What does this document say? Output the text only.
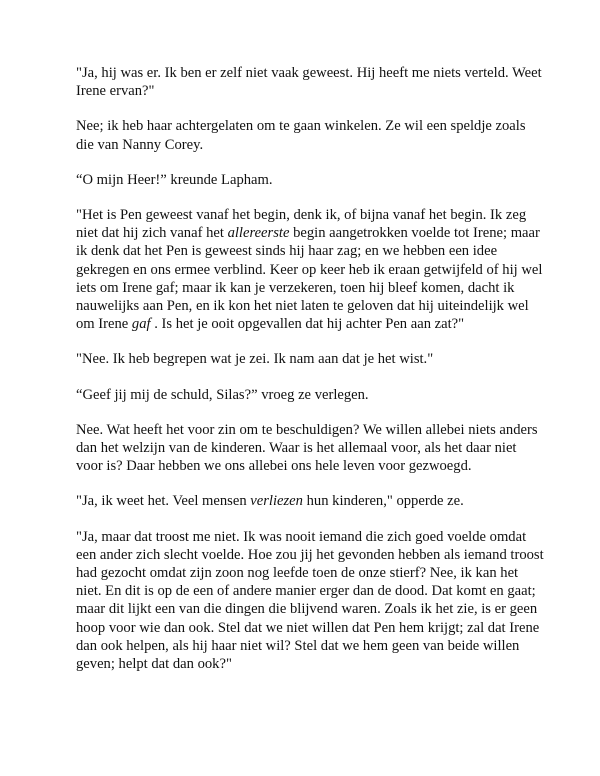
"Ja, hij was er. Ik ben er zelf niet vaak geweest. Hij heeft me niets verteld. Weet Irene ervan?"

Nee; ik heb haar achtergelaten om te gaan winkelen. Ze wil een speldje zoals die van Nanny Corey.

“O mijn Heer!” kreunde Lapham.

"Het is Pen geweest vanaf het begin, denk ik, of bijna vanaf het begin. Ik zeg niet dat hij zich vanaf het allereerste begin aangetrokken voelde tot Irene; maar ik denk dat het Pen is geweest sinds hij haar zag; en we hebben een idee gekregen en ons ermee verblind. Keer op keer heb ik eraan getwijfeld of hij wel iets om Irene gaf; maar ik kan je verzekeren, toen hij bleef komen, dacht ik nauwelijks aan Pen, en ik kon het niet laten te geloven dat hij uiteindelijk wel om Irene gaf . Is het je ooit opgevallen dat hij achter Pen aan zat?"

"Nee. Ik heb begrepen wat je zei. Ik nam aan dat je het wist."

“Geef jij mij de schuld, Silas?” vroeg ze verlegen.

Nee. Wat heeft het voor zin om te beschuldigen? We willen allebei niets anders dan het welzijn van de kinderen. Waar is het allemaal voor, als het daar niet voor is? Daar hebben we ons allebei ons hele leven voor gezwoegd.

"Ja, ik weet het. Veel mensen verliezen hun kinderen," opperde ze.

"Ja, maar dat troost me niet. Ik was nooit iemand die zich goed voelde omdat een ander zich slecht voelde. Hoe zou jij het gevonden hebben als iemand troost had gezocht omdat zijn zoon nog leefde toen de onze stierf? Nee, ik kan het niet. En dit is op de een of andere manier erger dan de dood. Dat komt en gaat; maar dit lijkt een van die dingen die blijvend waren. Zoals ik het zie, is er geen hoop voor wie dan ook. Stel dat we niet willen dat Pen hem krijgt; zal dat Irene dan ook helpen, als hij haar niet wil? Stel dat we hem geen van beide willen geven; helpt dat dan ook?"
